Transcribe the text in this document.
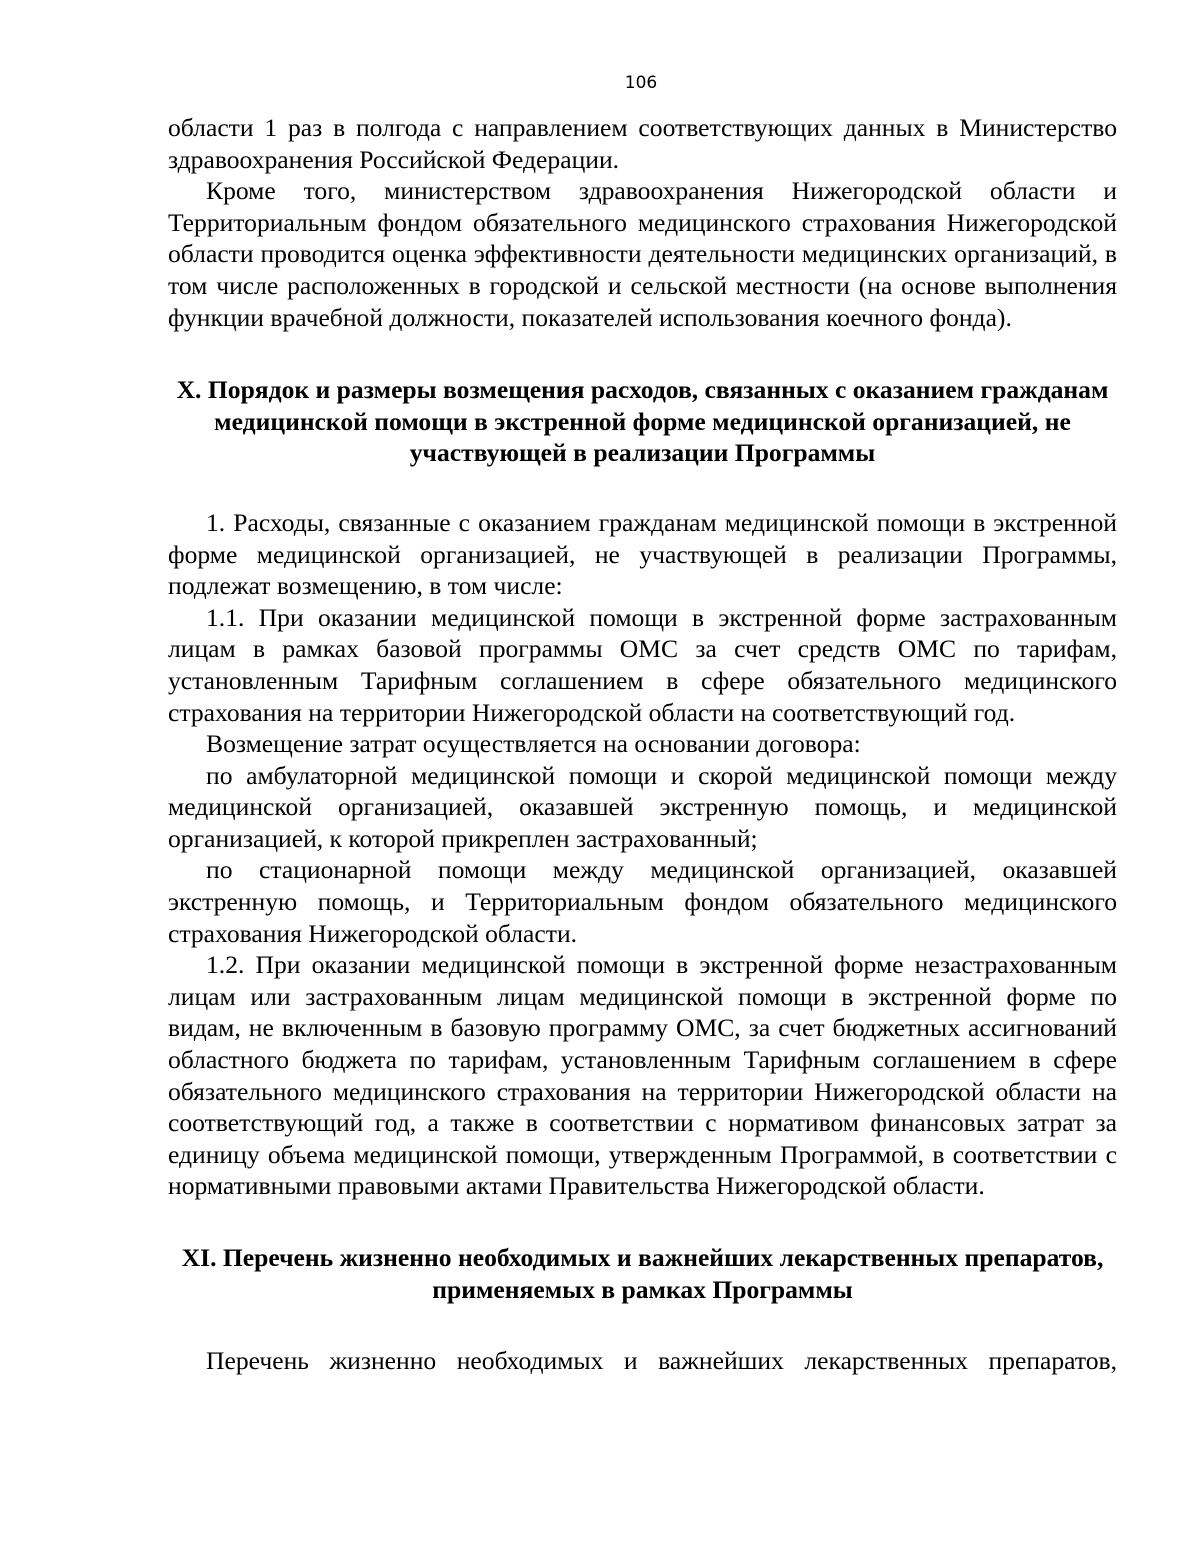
106

области 1 раз в полгода с направлением соответствующих данных в Министерство здравоохранения Российской Федерации.

Кроме того, министерством здравоохранения Нижегородской области и Территориальным фондом обязательного медицинского страхования Нижегородской области проводится оценка эффективности деятельности медицинских организаций, в том числе расположенных в городской и сельской местности (на основе выполнения функции врачебной должности, показателей использования коечного фонда).

X. Порядок и размеры возмещения расходов, связанных с оказанием гражданам медицинской помощи в экстренной форме медицинской организацией, не участвующей в реализации Программы

1. Расходы, связанные с оказанием гражданам медицинской помощи в экстренной форме медицинской организацией, не участвующей в реализации Программы, подлежат возмещению, в том числе:

1.1. При оказании медицинской помощи в экстренной форме застрахованным лицам в рамках базовой программы ОМС за счет средств ОМС по тарифам, установленным Тарифным соглашением в сфере обязательного медицинского страхования на территории Нижегородской области на соответствующий год.

Возмещение затрат осуществляется на основании договора:

по амбулаторной медицинской помощи и скорой медицинской помощи между медицинской организацией, оказавшей экстренную помощь, и медицинской организацией, к которой прикреплен застрахованный;

по стационарной помощи между медицинской организацией, оказавшей экстренную помощь, и Территориальным фондом обязательного медицинского страхования Нижегородской области.

1.2. При оказании медицинской помощи в экстренной форме незастрахованным лицам или застрахованным лицам медицинской помощи в экстренной форме по видам, не включенным в базовую программу ОМС, за счет бюджетных ассигнований областного бюджета по тарифам, установленным Тарифным соглашением в сфере обязательного медицинского страхования на территории Нижегородской области на соответствующий год, а также в соответствии с нормативом финансовых затрат за единицу объема медицинской помощи, утвержденным Программой, в соответствии с нормативными правовыми актами Правительства Нижегородской области.

XI. Перечень жизненно необходимых и важнейших лекарственных препаратов, применяемых в рамках Программы

Перечень жизненно необходимых и важнейших лекарственных препаратов,
